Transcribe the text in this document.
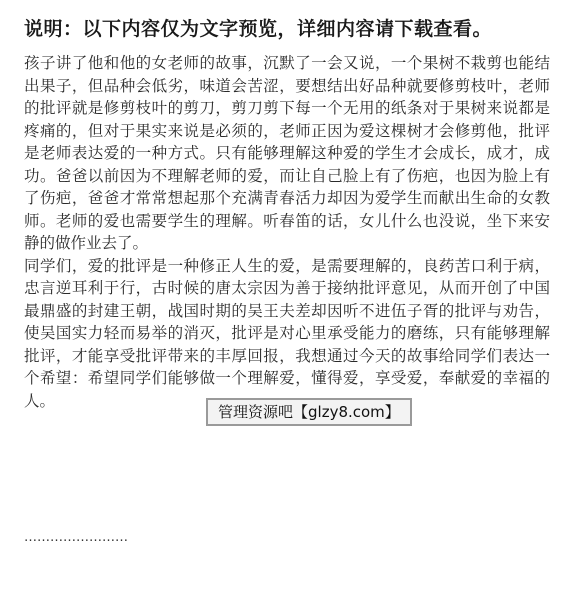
说明：以下内容仅为文字预览，详细内容请下载查看。

孩子讲了他和他的女老师的故事，沉默了一会又说，一个果树不栽剪也能结出果子，但品种会低劣，味道会苦涩，要想结出好品种就要修剪枝叶，老师的批评就是修剪枝叶的剪刀，剪刀剪下每一个无用的纸条对于果树来说都是疼痛的，但对于果实来说是必须的，老师正因为爱这棵树才会修剪他，批评是老师表达爱的一种方式。只有能够理解这种爱的学生才会成长，成才，成功。爸爸以前因为不理解老师的爱，而让自己脸上有了伤疤，也因为脸上有了伤疤，爸爸才常常想起那个充满青春活力却因为爱学生而献出生命的女教师。老师的爱也需要学生的理解。听春笛的话，女儿什么也没说，坐下来安静的做作业去了。

同学们，爱的批评是一种修正人生的爱，是需要理解的，良药苦口利于病，忠言逆耳利于行，古时候的唐太宗因为善于接纳批评意见，从而开创了中国最鼎盛的封建王朝，战国时期的吴王夫差却因听不进伍子胥的批评与劝告，使吴国实力轻而易举的消灭，批评是对心里承受能力的磨练，只有能够理解批评，才能享受批评带来的丰厚回报，我想通过今天的故事给同学们表达一个希望：希望同学们能够做一个理解爱，懂得爱，享受爱，奉献爱的幸福的人。

……………………
管理资源吧【glzy8.com】
